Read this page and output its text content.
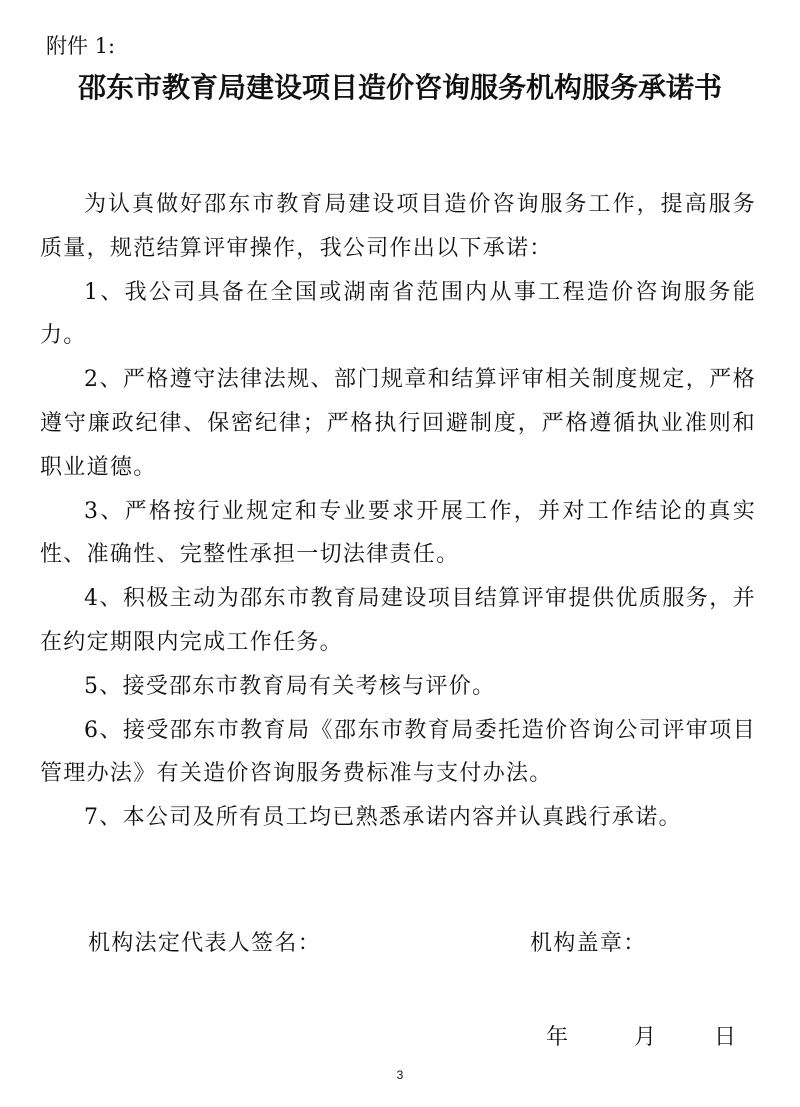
附件 1:
邵东市教育局建设项目造价咨询服务机构服务承诺书

为认真做好邵东市教育局建设项目造价咨询服务工作，提高服务质量，规范结算评审操作，我公司作出以下承诺：

1、我公司具备在全国或湖南省范围内从事工程造价咨询服务能力。

2、严格遵守法律法规、部门规章和结算评审相关制度规定，严格遵守廉政纪律、保密纪律；严格执行回避制度，严格遵循执业准则和职业道德。

3、严格按行业规定和专业要求开展工作，并对工作结论的真实性、准确性、完整性承担一切法律责任。

4、积极主动为邵东市教育局建设项目结算评审提供优质服务，并在约定期限内完成工作任务。

5、接受邵东市教育局有关考核与评价。

6、接受邵东市教育局《邵东市教育局委托造价咨询公司评审项目管理办法》有关造价咨询服务费标准与支付办法。

7、本公司及所有员工均已熟悉承诺内容并认真践行承诺。

机构法定代表人签名：	机构盖章：
年	月	日
3
